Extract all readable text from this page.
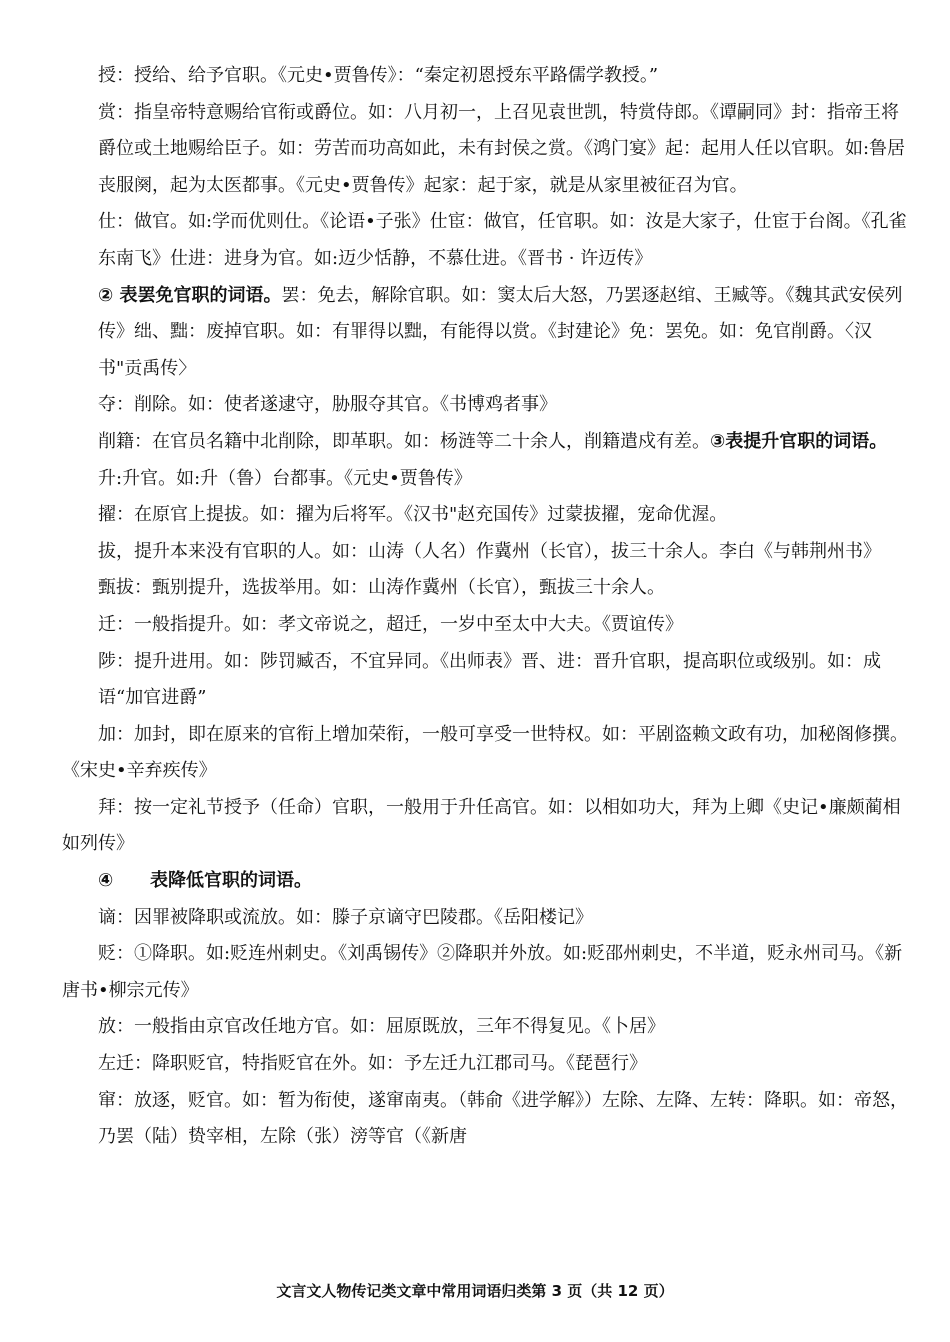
授：授给、给予官职。《元史•贾鲁传》：“秦定初恩授东平路儒学教授。”

赏：指皇帝特意赐给官衔或爵位。如：八月初一，上召见袁世凯，特赏侍郎。《谭嗣同》封：指帝王将爵位或土地赐给臣子。如：劳苦而功高如此，未有封侯之赏。《鸿门宴》起：起用人任以官职。如:鲁居丧服阕，起为太医都事。《元史•贾鲁传》起家：起于家，就是从家里被征召为官。

仕：做官。如:学而优则仕。《论语•子张》仕宦：做官，任官职。如：汝是大家子，仕宦于台阁。《孔雀东南飞》仕进：进身为官。如:迈少恬静，不慕仕进。《晋书 · 许迈传》

② 表罢免官职的词语。罢：免去，解除官职。如：窦太后大怒，乃罢逐赵绾、王臧等。《魏其武安侯列传》绌、黜：废掉官职。如：有罪得以黜，有能得以赏。《封建论》免：罢免。如：免官削爵。〈汉书"贡禹传〉

夺：削除。如：使者遂逮守，胁服夺其官。《书博鸡者事》

削籍：在官员名籍中北削除，即革职。如：杨涟等二十余人，削籍遣戍有差。③表提升官职的词语。

升:升官。如:升（鲁）台都事。《元史•贾鲁传》

擢：在原官上提拔。如：擢为后将军。《汉书"赵充国传》过蒙拔擢，宠命优渥。

拔，提升本来没有官职的人。如：山涛（人名）作冀州（长官），拔三十余人。李白《与韩荆州书》

甄拔：甄别提升，选拔举用。如：山涛作冀州（长官），甄拔三十余人。

迁：一般指提升。如：孝文帝说之，超迁，一岁中至太中大夫。《贾谊传》

陟：提升进用。如：陟罚臧否，不宜异同。《出师表》晋、进：晋升官职，提高职位或级别。如：成语“加官进爵”

加：加封，即在原来的官衔上增加荣衔，一般可享受一世特权。如：平剧盗赖文政有功，加秘阁修撰。《宋史•辛弃疾传》

拜：按一定礼节授予（任命）官职，一般用于升任高官。如：以相如功大，拜为上卿《史记•廉颇蔺相如列传》

④ 表降低官职的词语。

谪：因罪被降职或流放。如：滕子京谪守巴陵郡。《岳阳楼记》

贬：①降职。如:贬连州刺史。《刘禹锡传》②降职并外放。如:贬邵州刺史，不半道，贬永州司马。《新唐书•柳宗元传》

放：一般指由京官改任地方官。如：屈原既放，三年不得复见。《卜居》

左迁：降职贬官，特指贬官在外。如：予左迁九江郡司马。《琵琶行》

窜：放逐，贬官。如：暂为衔使，遂窜南夷。（韩俞《进学解》）左除、左降、左转：降职。如：帝怒，乃罢（陆）贽宰相，左除（张）滂等官（《新唐

文言文人物传记类文章中常用词语归类第 3 页（共 12 页）
